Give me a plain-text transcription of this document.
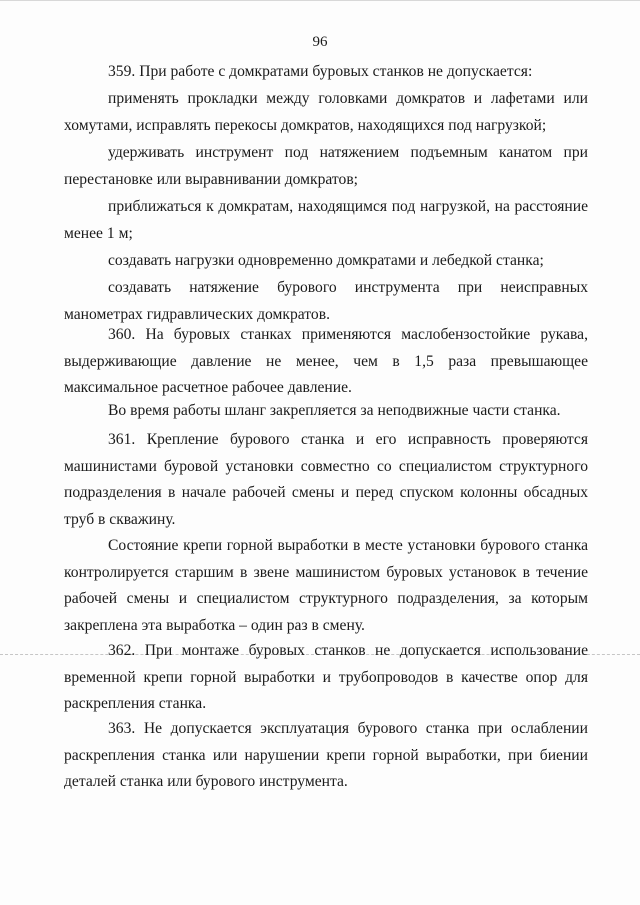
96

359. При работе с домкратами буровых станков не допускается:

применять прокладки между головками домкратов и лафетами или хомутами, исправлять перекосы домкратов, находящихся под нагрузкой;

удерживать инструмент под натяжением подъемным канатом при перестановке или выравнивании домкратов;

приближаться к домкратам, находящимся под нагрузкой, на расстояние менее 1 м;

создавать нагрузки одновременно домкратами и лебедкой станка;

создавать натяжение бурового инструмента при неисправных манометрах гидравлических домкратов.

360. На буровых станках применяются маслобензостойкие рукава, выдерживающие давление не менее, чем в 1,5 раза превышающее максимальное расчетное рабочее давление.

Во время работы шланг закрепляется за неподвижные части станка.

361. Крепление бурового станка и его исправность проверяются машинистами буровой установки совместно со специалистом структурного подразделения в начале рабочей смены и перед спуском колонны обсадных труб в скважину.

Состояние крепи горной выработки в месте установки бурового станка контролируется старшим в звене машинистом буровых установок в течение рабочей смены и специалистом структурного подразделения, за которым закреплена эта выработка – один раз в смену.

362. При монтаже буровых станков не допускается использование временной крепи горной выработки и трубопроводов в качестве опор для раскрепления станка.

363. Не допускается эксплуатация бурового станка при ослаблении раскрепления станка или нарушении крепи горной выработки, при биении деталей станка или бурового инструмента.
